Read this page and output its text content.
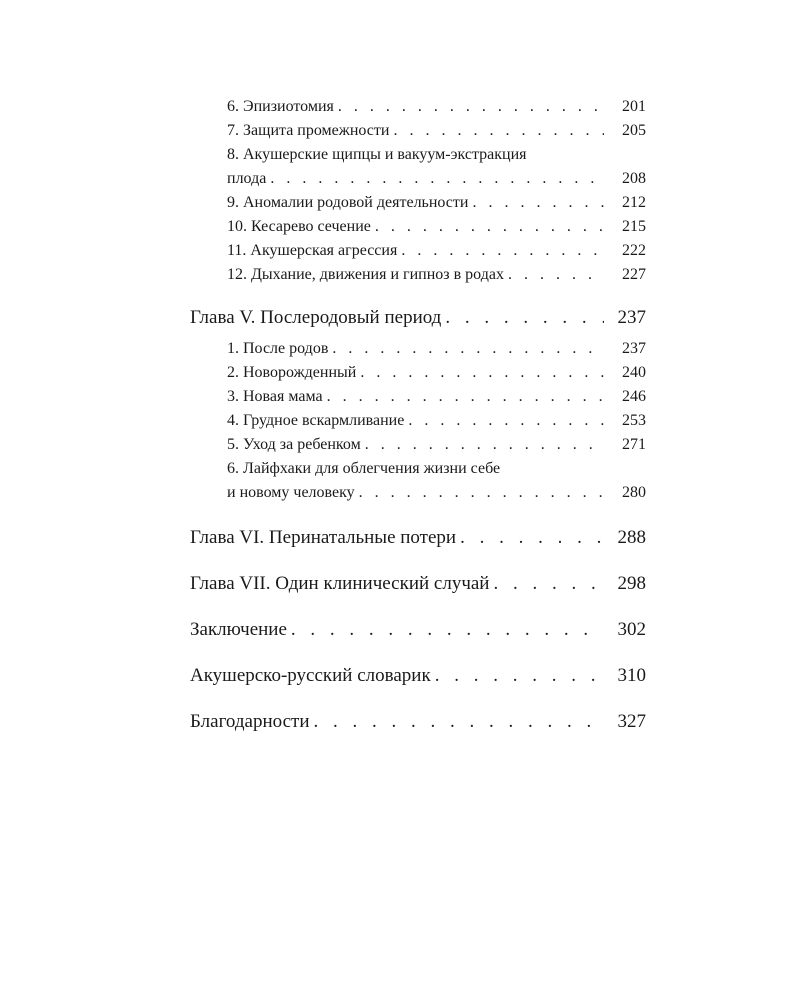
6. Эпизиотомия . . .	201
7. Защита промежности . . .	205
8. Акушерские щипцы и вакуум-экстракция
плода . . .	208
9. Аномалии родовой деятельности . . .	212
10. Кесарево сечение . . .	215
11. Акушерская агрессия . . .	222
12. Дыхание, движения и гипноз в родах . . .	227
Глава V. Послеродовый период . . .	237
1. После родов . . .	237
2. Новорожденный . . .	240
3. Новая мама . . .	246
4. Грудное вскармливание . . .	253
5. Уход за ребенком . . .	271
6. Лайфхаки для облегчения жизни себе
и новому человеку . . .	280
Глава VI. Перинатальные потери . . .	288
Глава VII. Один клинический случай . . .	298
Заключение . . .	302
Акушерско-русский словарик . . .	310
Благодарности . . .	327
